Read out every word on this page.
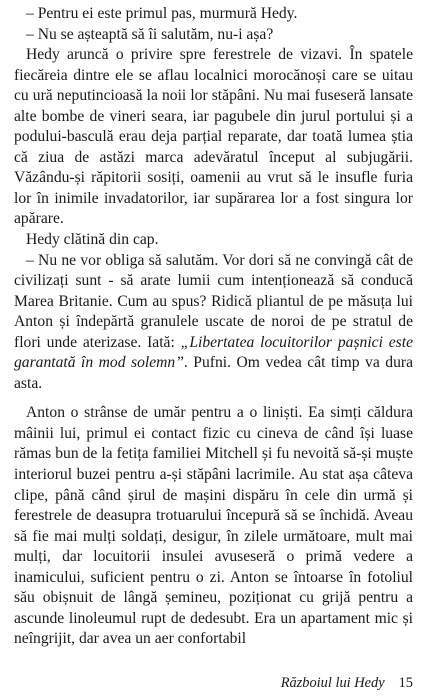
– Pentru ei este primul pas, murmură Hedy.

– Nu se așteaptă să îi salutăm, nu-i așa?

Hedy aruncă o privire spre ferestrele de vizavi. În spatele fiecăreia dintre ele se aflau localnici morocănoși care se uitau cu ură neputincioasă la noii lor stăpâni. Nu mai fuseseră lansate alte bombe de vineri seara, iar pagubele din jurul portului și a podului-basculă erau deja parțial reparate, dar toată lumea știa că ziua de astăzi marca adevăratul început al subjugării. Văzându-și răpitorii sosiți, oamenii au vrut să le insufle furia lor în inimile invadatorilor, iar supărarea lor a fost singura lor apărare.

Hedy clătină din cap.

– Nu ne vor obliga să salutăm. Vor dori să ne convingă cât de civilizați sunt - să arate lumii cum intenționează să conducă Marea Britanie. Cum au spus? Ridică pliantul de pe măsuța lui Anton și îndepărtă granulele uscate de noroi de pe stratul de flori unde aterizase. Iată: „Libertatea locuitorilor pașnici este garantată în mod solemn”. Pufni. Om vedea cât timp va dura asta.

Anton o strânse de umăr pentru a o liniști. Ea simți căldura mâinii lui, primul ei contact fizic cu cineva de când își luase rămas bun de la fetița familiei Mitchell și fu nevoită să-și muște interiorul buzei pentru a-și stăpâni lacrimile. Au stat așa câteva clipe, până când șirul de mașini dispăru în cele din urmă și ferestrele de deasupra trotuarului începură să se închidă. Aveau să fie mai mulți soldați, desigur, în zilele următoare, mult mai mulți, dar locuitorii insulei avuseseră o primă vedere a inamicului, suficient pentru o zi. Anton se întoarse în fotoliul său obișnuit de lângă șemineu, poziționat cu grijă pentru a ascunde linoleumul rupt de dedesubt. Era un apartament mic și neîngrijit, dar avea un aer confortabil

Războiul lui Hedy 15
